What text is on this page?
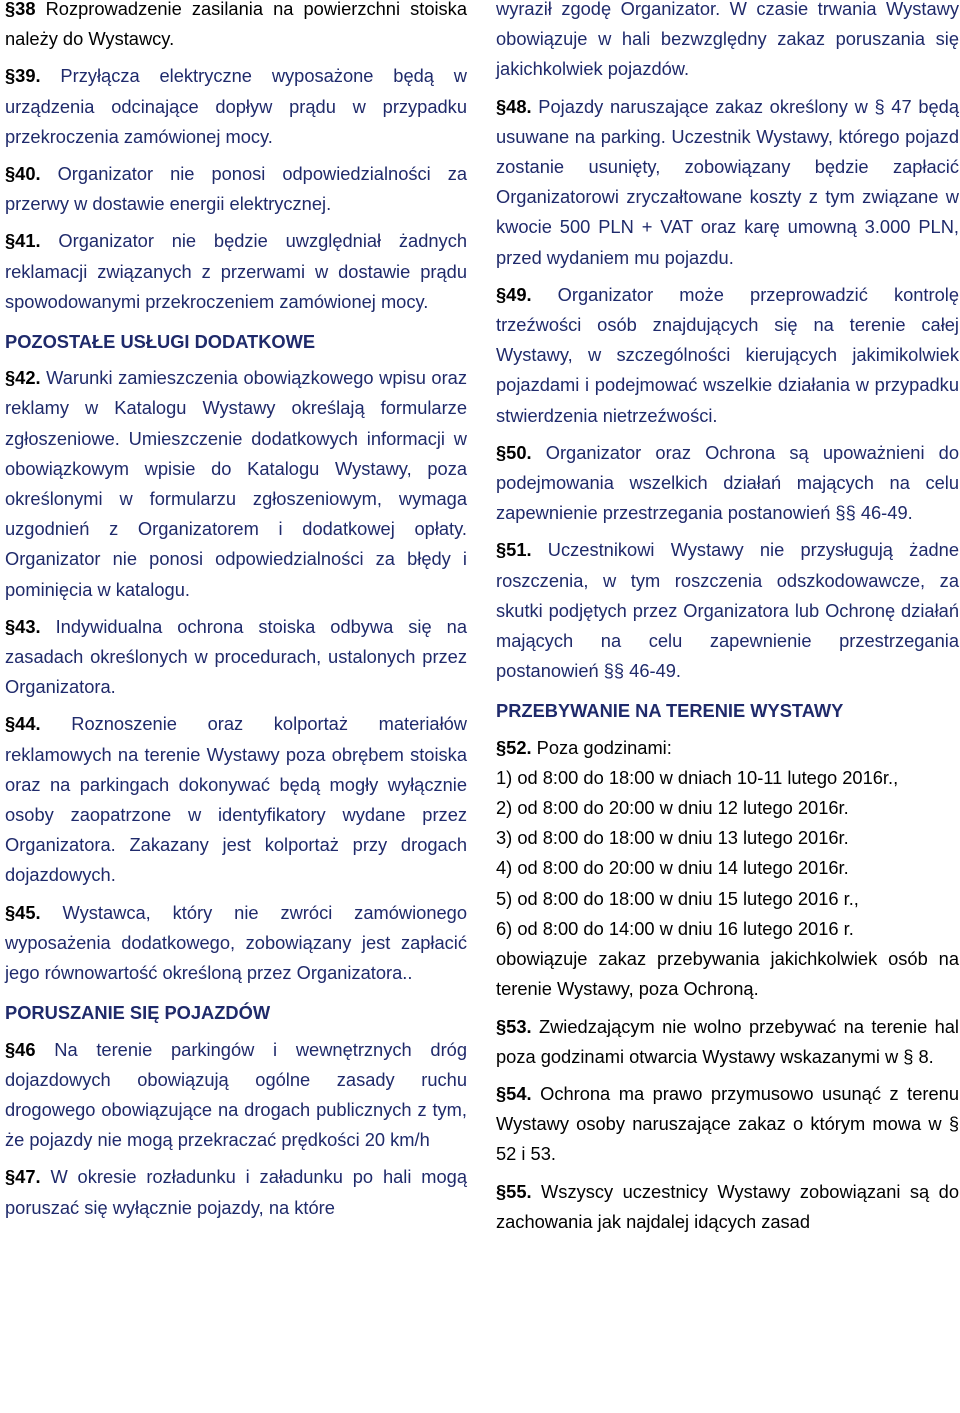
§38 Rozprowadzenie zasilania na powierzchni stoiska należy do Wystawcy.

§39. Przyłącza elektryczne wyposażone będą w urządzenia odcinające dopływ prądu w przypadku przekroczenia zamówionej mocy.

§40. Organizator nie ponosi odpowiedzialności za przerwy w dostawie energii elektrycznej.

§41. Organizator nie będzie uwzględniał żadnych reklamacji związanych z przerwami w dostawie prądu spowodowanymi przekroczeniem zamówionej mocy.

POZOSTAŁE USŁUGI DODATKOWE

§42. Warunki zamieszczenia obowiązkowego wpisu oraz reklamy w Katalogu Wystawy określają formularze zgłoszeniowe. Umieszczenie dodatkowych informacji w obowiązkowym wpisie do Katalogu Wystawy, poza określonymi w formularzu zgłoszeniowym, wymaga uzgodnień z Organizatorem i dodatkowej opłaty. Organizator nie ponosi odpowiedzialności za błędy i pominięcia w katalogu.

§43. Indywidualna ochrona stoiska odbywa się na zasadach określonych w procedurach, ustalonych przez Organizatora.

§44. Roznoszenie oraz kolportaż materiałów reklamowych na terenie Wystawy poza obrębem stoiska oraz na parkingach dokonywać będą mogły wyłącznie osoby zaopatrzone w identyfikatory wydane przez Organizatora. Zakazany jest kolportaż przy drogach dojazdowych.

§45. Wystawca, który nie zwróci zamówionego wyposażenia dodatkowego, zobowiązany jest zapłacić jego równowartość określoną przez Organizatora..

PORUSZANIE SIĘ POJAZDÓW

§46 Na terenie parkingów i wewnętrznych dróg dojazdowych obowiązują ogólne zasady ruchu drogowego obowiązujące na drogach publicznych z tym, że pojazdy nie mogą przekraczać prędkości 20 km/h

§47. W okresie rozładunku i załadunku po hali mogą poruszać się wyłącznie pojazdy, na które

wyraził zgodę Organizator. W czasie trwania Wystawy obowiązuje w hali bezwzględny zakaz poruszania się jakichkolwiek pojazdów.

§48. Pojazdy naruszające zakaz określony w § 47 będą usuwane na parking. Uczestnik Wystawy, którego pojazd zostanie usunięty, zobowiązany będzie zapłacić Organizatorowi zryczałtowane koszty z tym związane w kwocie 500 PLN + VAT oraz karę umowną 3.000 PLN, przed wydaniem mu pojazdu.

§49. Organizator może przeprowadzić kontrolę trzeźwości osób znajdujących się na terenie całej Wystawy, w szczególności kierujących jakimikolwiek pojazdami i podejmować wszelkie działania w przypadku stwierdzenia nietrzeźwości.

§50. Organizator oraz Ochrona są upoważnieni do podejmowania wszelkich działań mających na celu zapewnienie przestrzegania postanowień §§ 46-49.

§51. Uczestnikowi Wystawy nie przysługują żadne roszczenia, w tym roszczenia odszkodowawcze, za skutki podjętych przez Organizatora lub Ochronę działań mających na celu zapewnienie przestrzegania postanowień §§ 46-49.

PRZEBYWANIE NA TERENIE WYSTAWY
§52. Poza godzinami:
1) od 8:00 do 18:00 w dniach 10-11 lutego 2016r.,
2) od 8:00 do 20:00 w dniu 12 lutego 2016r.
3) od 8:00 do 18:00 w dniu 13 lutego 2016r.
4) od 8:00 do 20:00 w dniu 14 lutego 2016r.
5) od 8:00 do 18:00 w dniu 15 lutego 2016 r.,
6) od 8:00 do 14:00 w dniu 16 lutego 2016 r.
obowiązuje zakaz przebywania jakichkolwiek osób na terenie Wystawy, poza Ochroną.

§53. Zwiedzającym nie wolno przebywać na terenie hal poza godzinami otwarcia Wystawy wskazanymi w § 8.

§54. Ochrona ma prawo przymusowo usunąć z terenu Wystawy osoby naruszające zakaz o którym mowa w § 52 i 53.

§55. Wszyscy uczestnicy Wystawy zobowiązani są do zachowania jak najdalej idących zasad
